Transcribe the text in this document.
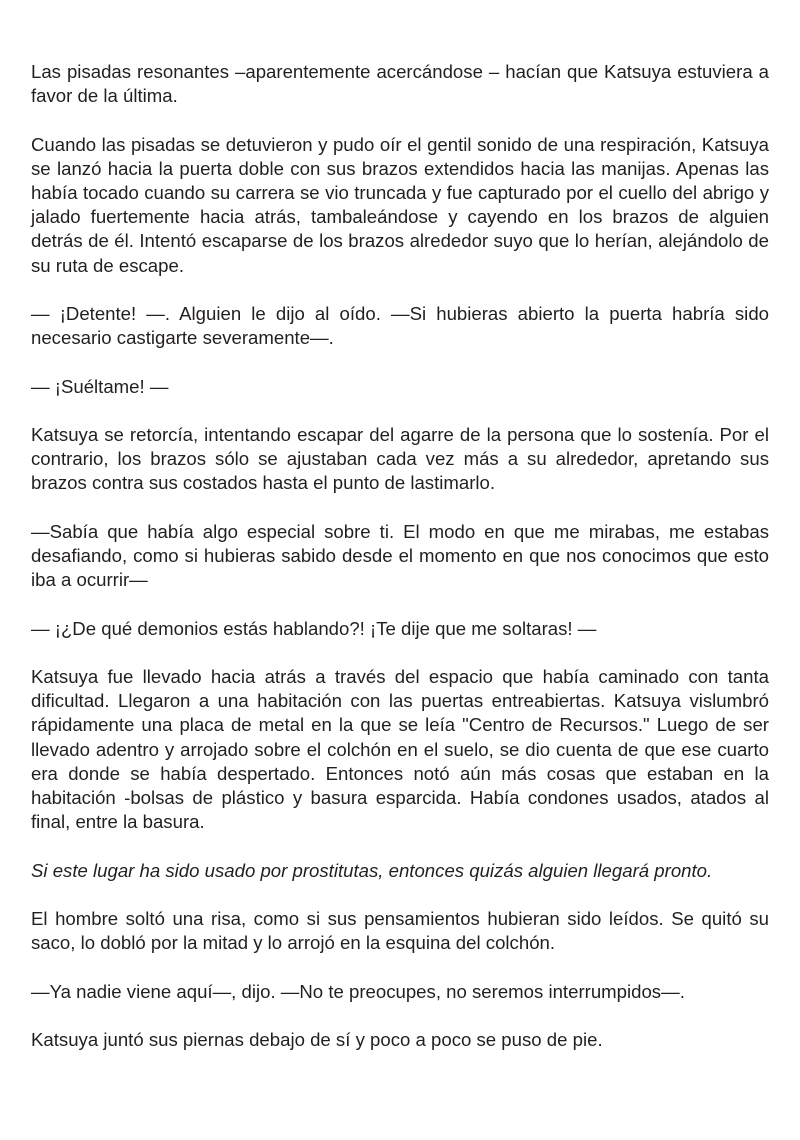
Las pisadas resonantes –aparentemente acercándose – hacían que Katsuya estuviera a favor de la última.

Cuando las pisadas se detuvieron y pudo oír el gentil sonido de una respiración, Katsuya se lanzó hacia la puerta doble con sus brazos extendidos hacia las manijas. Apenas las había tocado cuando su carrera se vio truncada y fue capturado por el cuello del abrigo y jalado fuertemente hacia atrás, tambaleándose y cayendo en los brazos de alguien detrás de él. Intentó escaparse de los brazos alrededor suyo que lo herían, alejándolo de su ruta de escape.

— ¡Detente! —. Alguien le dijo al oído. —Si hubieras abierto la puerta habría sido necesario castigarte severamente—.

— ¡Suéltame! —

Katsuya se retorcía, intentando escapar del agarre de la persona que lo sostenía. Por el contrario, los brazos sólo se ajustaban cada vez más a su alrededor, apretando sus brazos contra sus costados hasta el punto de lastimarlo.

—Sabía que había algo especial sobre ti. El modo en que me mirabas, me estabas desafiando, como si hubieras sabido desde el momento en que nos conocimos que esto iba a ocurrir—

— ¡¿De qué demonios estás hablando?! ¡Te dije que me soltaras! —

Katsuya fue llevado hacia atrás a través del espacio que había caminado con tanta dificultad. Llegaron a una habitación con las puertas entreabiertas. Katsuya vislumbró rápidamente una placa de metal en la que se leía "Centro de Recursos." Luego de ser llevado adentro y arrojado sobre el colchón en el suelo, se dio cuenta de que ese cuarto era donde se había despertado. Entonces notó aún más cosas que estaban en la habitación -bolsas de plástico y basura esparcida. Había condones usados, atados al final, entre la basura.

Si este lugar ha sido usado por prostitutas, entonces quizás alguien llegará pronto.

El hombre soltó una risa, como si sus pensamientos hubieran sido leídos. Se quitó su saco, lo dobló por la mitad y lo arrojó en la esquina del colchón.

—Ya nadie viene aquí—, dijo. —No te preocupes, no seremos interrumpidos—.

Katsuya juntó sus piernas debajo de sí y poco a poco se puso de pie.
